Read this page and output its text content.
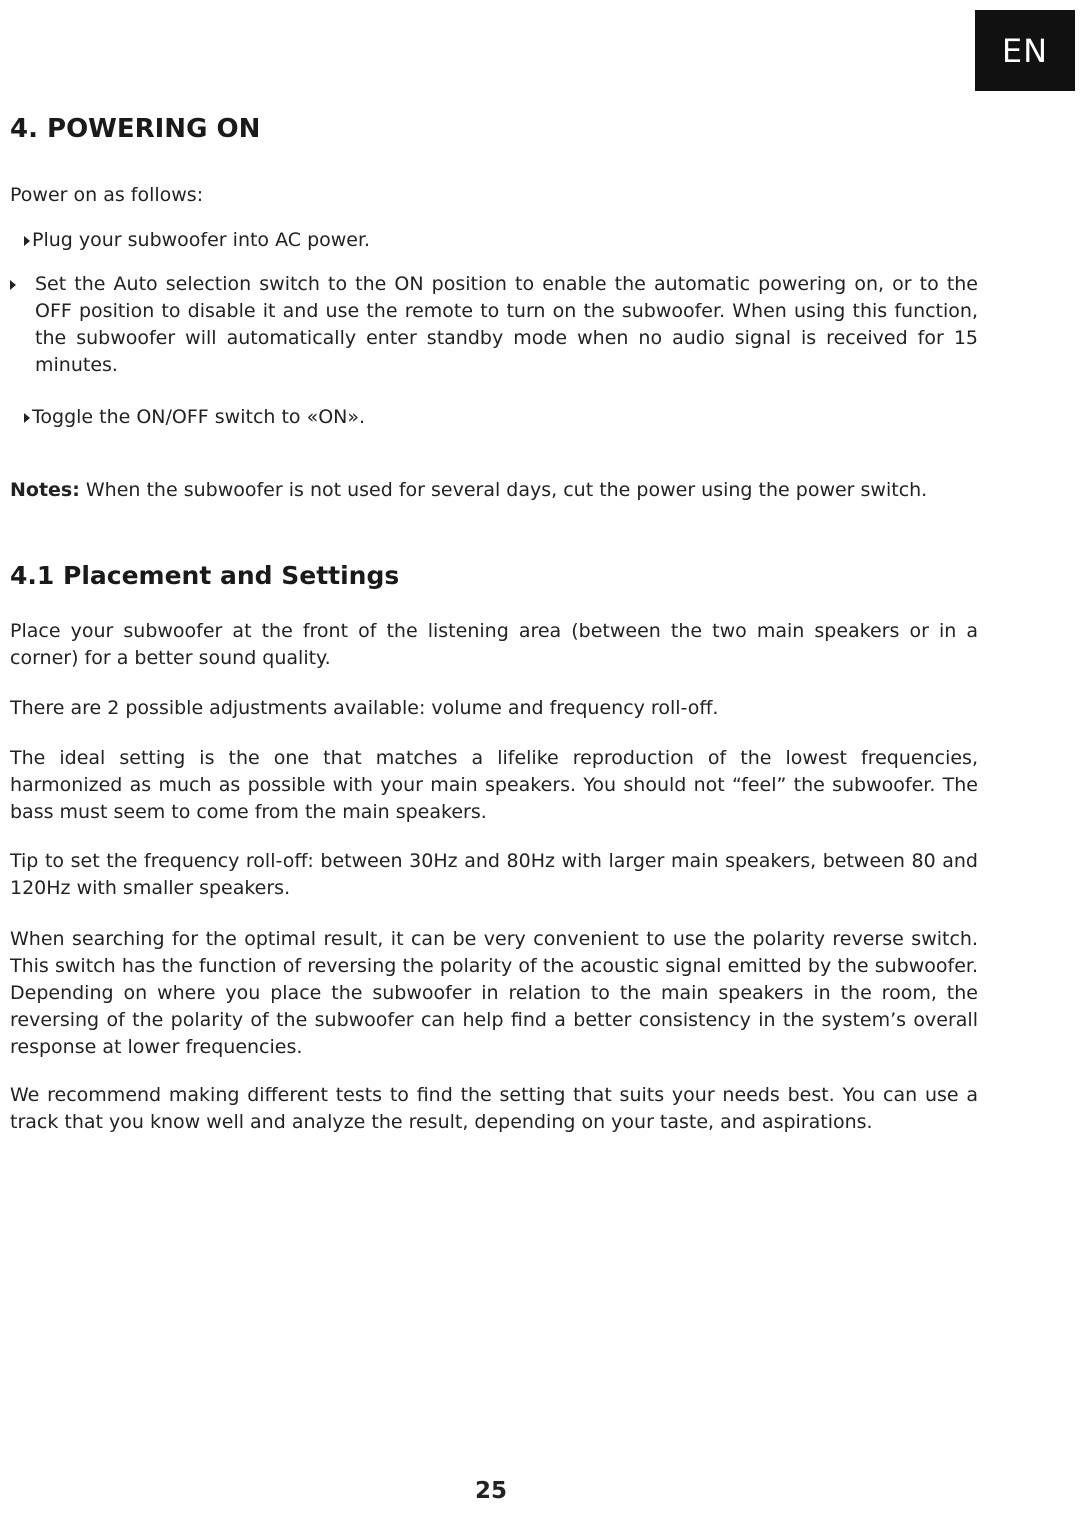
EN
4. POWERING ON

Power on as follows:

Plug your subwoofer into AC power.
Set the Auto selection switch to the ON position to enable the automatic powering on, or to the OFF position to disable it and use the remote to turn on the subwoofer. When using this function, the subwoofer will automatically enter standby mode when no audio signal is received for 15 minutes.
Toggle the ON/OFF switch to «ON».

Notes: When the subwoofer is not used for several days, cut the power using the power switch.

4.1 Placement and Settings

Place your subwoofer at the front of the listening area (between the two main speakers or in a corner) for a better sound quality.

There are 2 possible adjustments available: volume and frequency roll-off.

The ideal setting is the one that matches a lifelike reproduction of the lowest frequencies, harmonized as much as possible with your main speakers. You should not “feel” the subwoofer. The bass must seem to come from the main speakers.

Tip to set the frequency roll-off: between 30Hz and 80Hz with larger main speakers, between 80 and 120Hz with smaller speakers.

When searching for the optimal result, it can be very convenient to use the polarity reverse switch. This switch has the function of reversing the polarity of the acoustic signal emitted by the subwoofer. Depending on where you place the subwoofer in relation to the main speakers in the room, the reversing of the polarity of the subwoofer can help find a better consistency in the system’s overall response at lower frequencies.

We recommend making different tests to find the setting that suits your needs best. You can use a track that you know well and analyze the result, depending on your taste, and aspirations.

25
